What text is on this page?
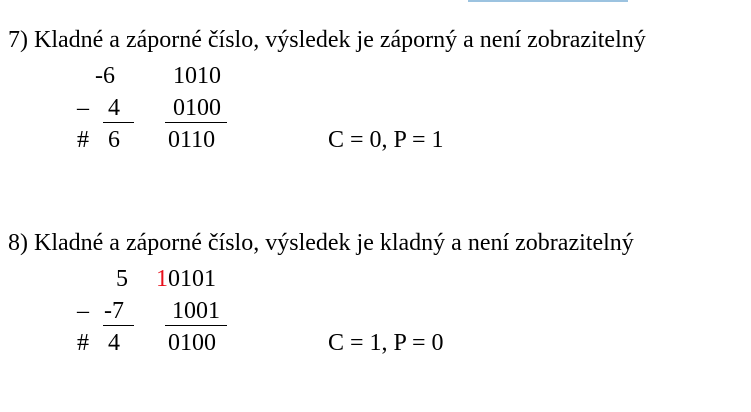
7) Kladné a záporné číslo, výsledek je záporný a není zobrazitelný
-6 1010
– 4 0100
# 6 0110	C = 0, P = 1
8) Kladné a záporné číslo, výsledek je kladný a není zobrazitelný
5 10101
– -7 1001
# 4 0100	C = 1, P = 0
